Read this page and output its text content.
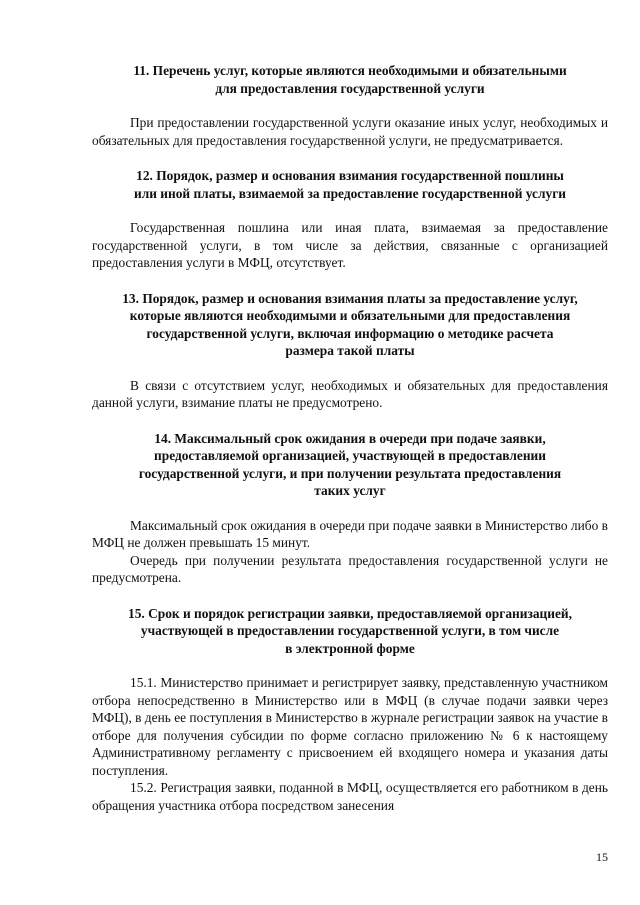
11. Перечень услуг, которые являются необходимыми и обязательными
для предоставления государственной услуги

При предоставлении государственной услуги оказание иных услуг, необходимых и обязательных для предоставления государственной услуги, не предусматривается.

12. Порядок, размер и основания взимания государственной пошлины
или иной платы, взимаемой за предоставление государственной услуги

Государственная пошлина или иная плата, взимаемая за предоставление государственной услуги, в том числе за действия, связанные с организацией предоставления услуги в МФЦ, отсутствует.

13. Порядок, размер и основания взимания платы за предоставление услуг,
которые являются необходимыми и обязательными для предоставления
государственной услуги, включая информацию о методике расчета
размера такой платы

В связи с отсутствием услуг, необходимых и обязательных для предоставления данной услуги, взимание платы не предусмотрено.

14. Максимальный срок ожидания в очереди при подаче заявки,
предоставляемой организацией, участвующей в предоставлении
государственной услуги, и при получении результата предоставления
таких услуг

Максимальный срок ожидания в очереди при подаче заявки в Министерство либо в МФЦ не должен превышать 15 минут.

Очередь при получении результата предоставления государственной услуги не предусмотрена.

15. Срок и порядок регистрации заявки, предоставляемой организацией,
участвующей в предоставлении государственной услуги, в том числе
в электронной форме

15.1. Министерство принимает и регистрирует заявку, представленную участником отбора непосредственно в Министерство или в МФЦ (в случае подачи заявки через МФЦ), в день ее поступления в Министерство в журнале регистрации заявок на участие в отборе для получения субсидии по форме согласно приложению № 6 к настоящему Административному регламенту с присвоением ей входящего номера и указания даты поступления.

15.2. Регистрация заявки, поданной в МФЦ, осуществляется его работником в день обращения участника отбора посредством занесения

15
